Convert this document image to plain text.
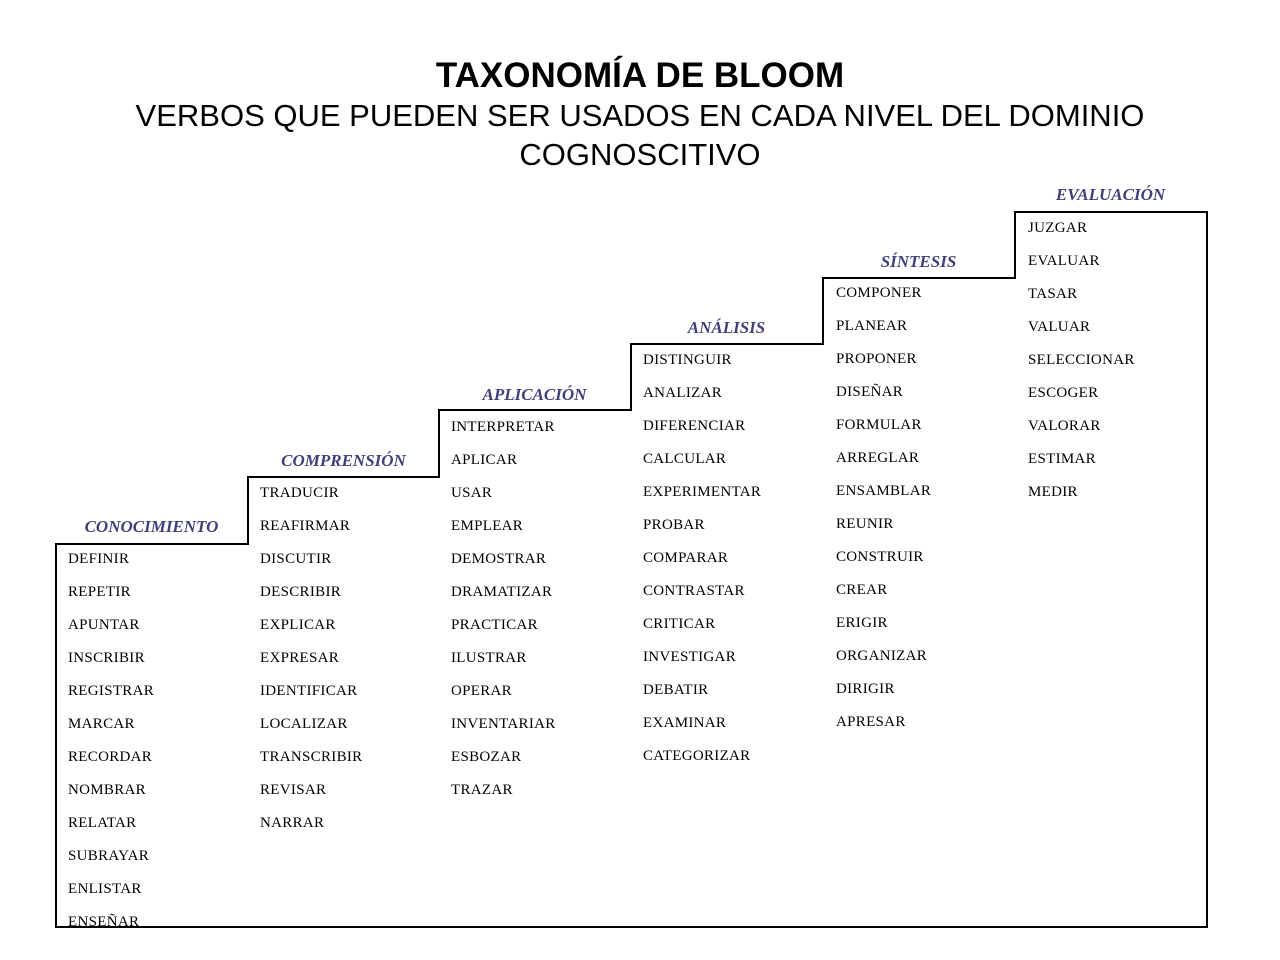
TAXONOMÍA DE BLOOM
VERBOS QUE PUEDEN SER USADOS EN CADA NIVEL DEL DOMINIO COGNOSCITIVO
CONOCIMIENTO
COMPRENSIÓN
APLICACIÓN
ANÁLISIS
SÍNTESIS
EVALUACIÓN
DEFINIR
REPETIR
APUNTAR
INSCRIBIR
REGISTRAR
MARCAR
RECORDAR
NOMBRAR
RELATAR
SUBRAYAR
ENLISTAR
ENSEÑAR
TRADUCIR
REAFIRMAR
DISCUTIR
DESCRIBIR
EXPLICAR
EXPRESAR
IDENTIFICAR
LOCALIZAR
TRANSCRIBIR
REVISAR
NARRAR
INTERPRETAR
APLICAR
USAR
EMPLEAR
DEMOSTRAR
DRAMATIZAR
PRACTICAR
ILUSTRAR
OPERAR
INVENTARIAR
ESBOZAR
TRAZAR
DISTINGUIR
ANALIZAR
DIFERENCIAR
CALCULAR
EXPERIMENTAR
PROBAR
COMPARAR
CONTRASTAR
CRITICAR
INVESTIGAR
DEBATIR
EXAMINAR
CATEGORIZAR
COMPONER
PLANEAR
PROPONER
DISEÑAR
FORMULAR
ARREGLAR
ENSAMBLAR
REUNIR
CONSTRUIR
CREAR
ERIGIR
ORGANIZAR
DIRIGIR
APRESAR
JUZGAR
EVALUAR
TASAR
VALUAR
SELECCIONAR
ESCOGER
VALORAR
ESTIMAR
MEDIR
